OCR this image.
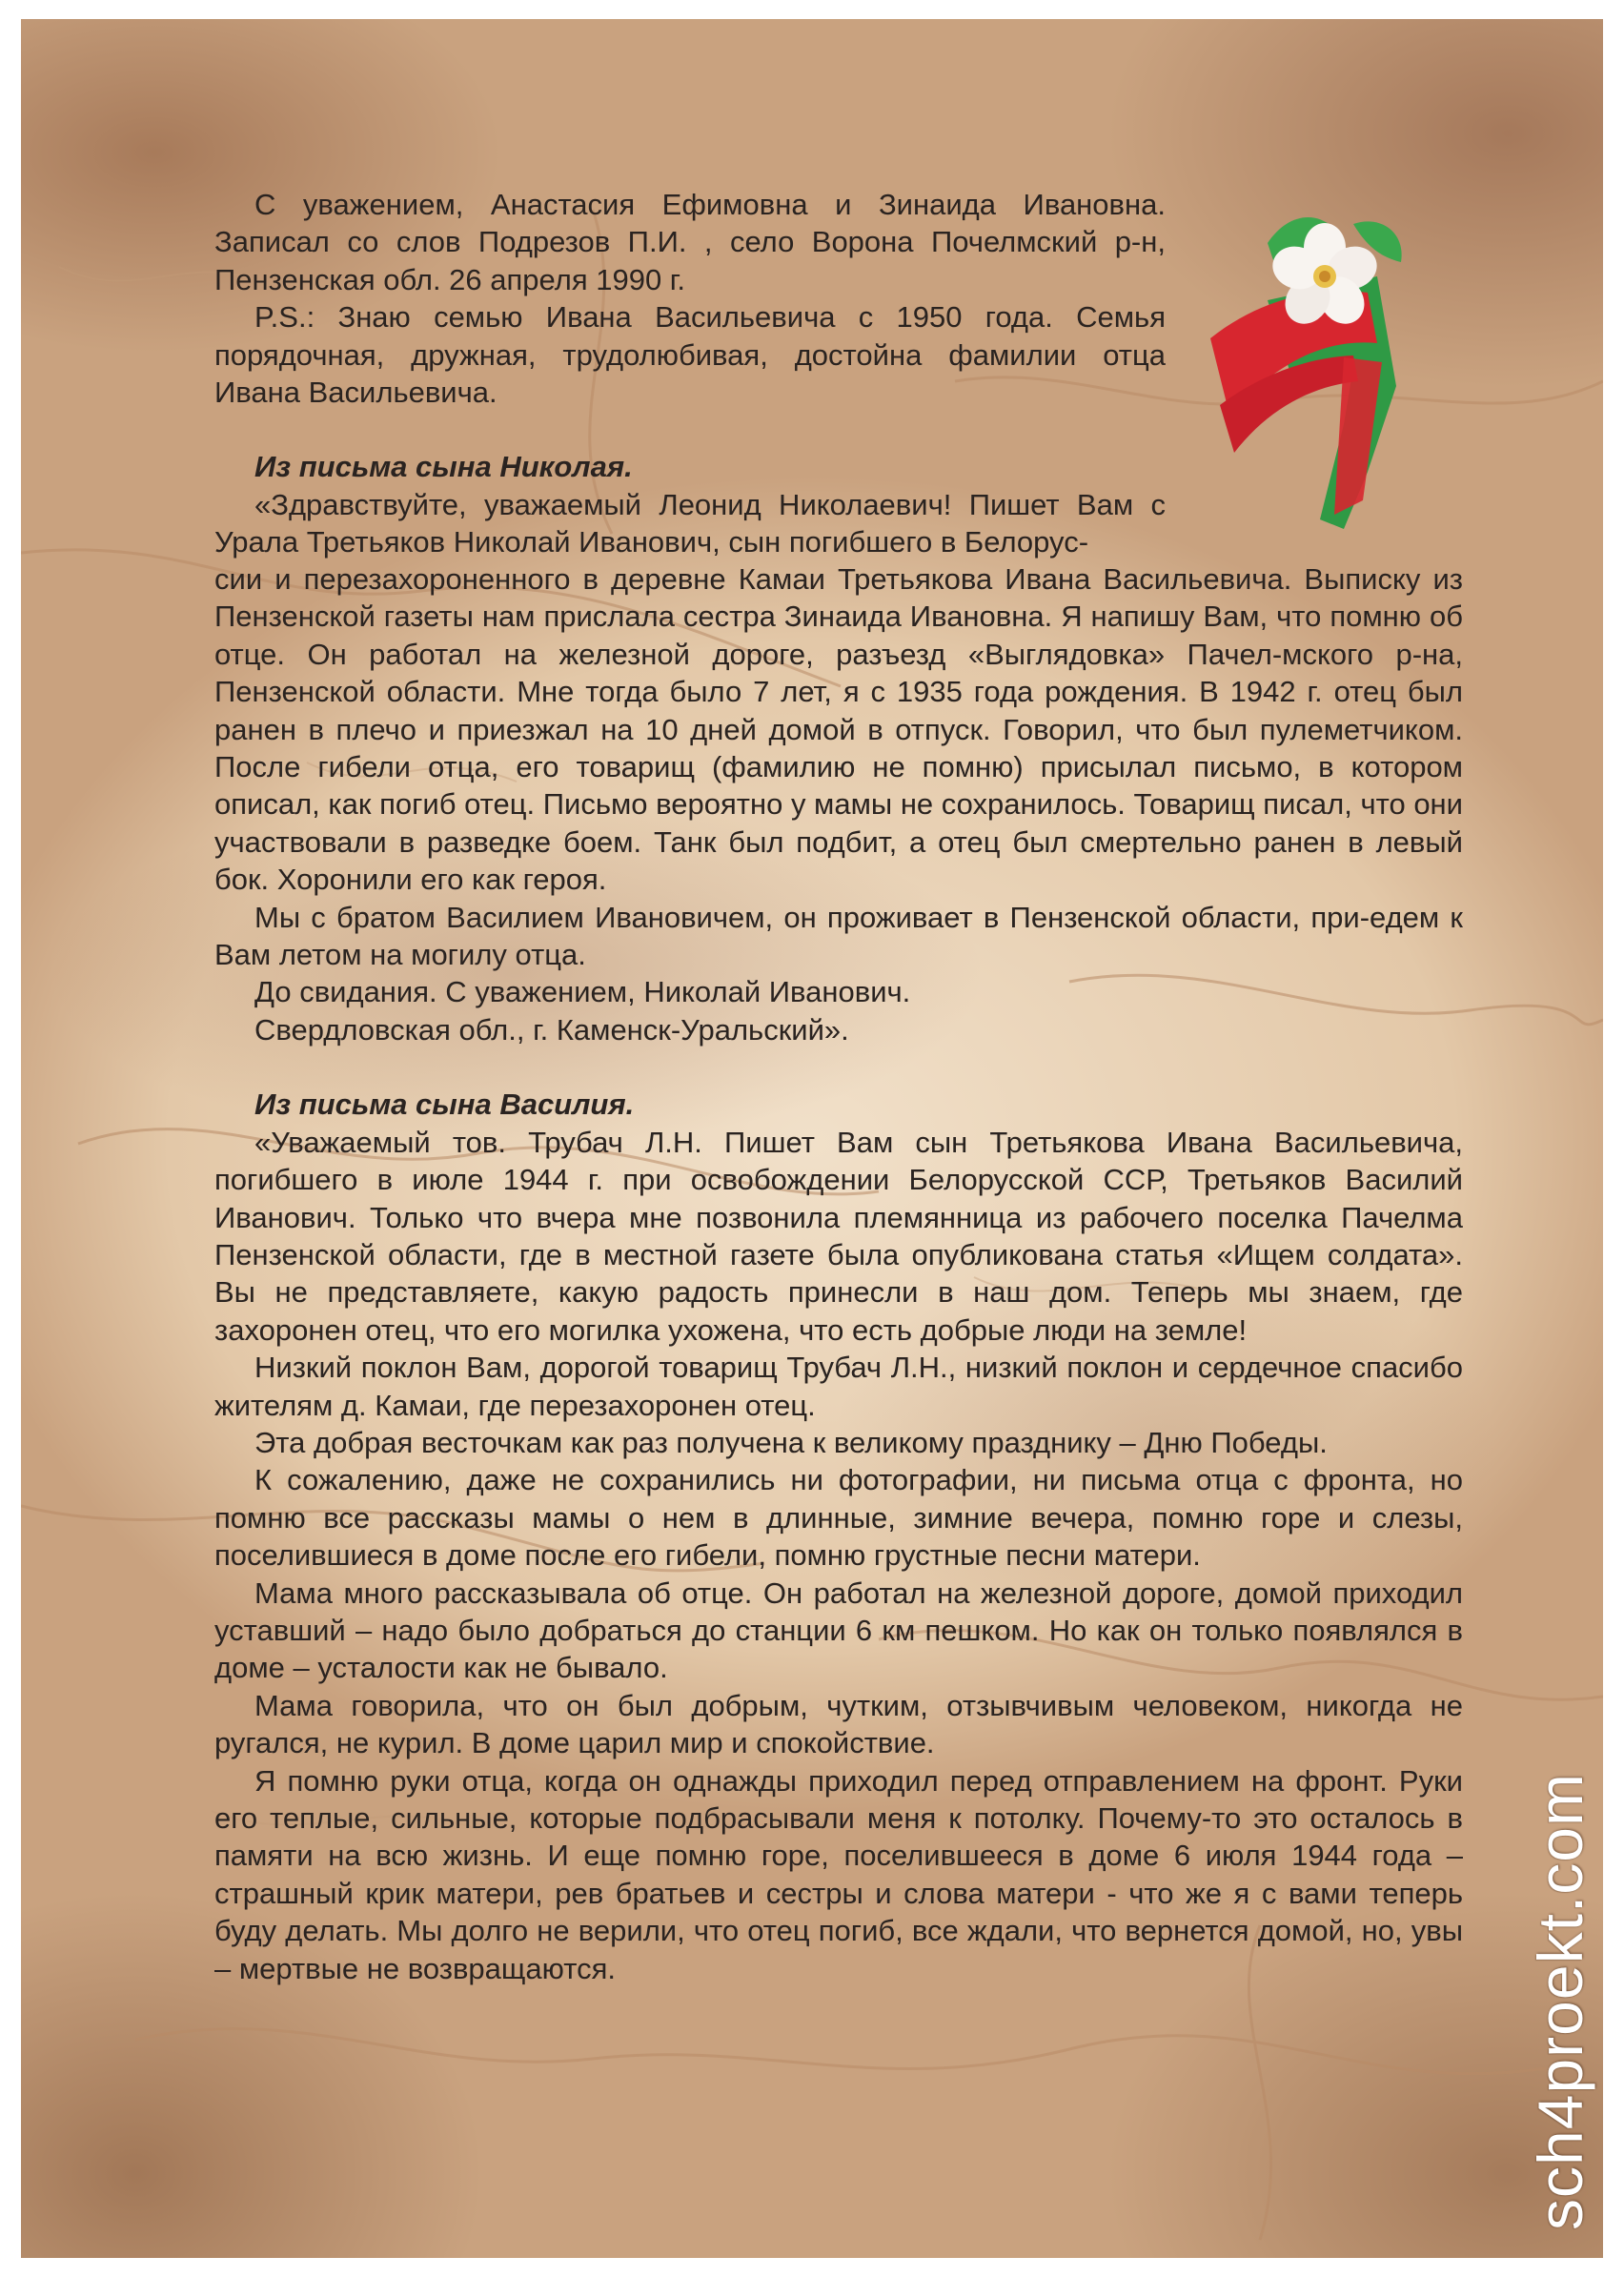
С уважением, Анастасия Ефимовна и Зинаида Ивановна. Записал со слов Подрезов П.И. , село Ворона Почелмский р-н, Пензенская обл. 26 апреля 1990 г.

P.S.: Знаю семью Ивана Васильевича с 1950 года. Семья порядочная, дружная, трудолюбивая, достойна фамилии отца Ивана Васильевича.

Из письма сына Николая.

«Здравствуйте, уважаемый Леонид Николаевич! Пишет Вам с Урала Третьяков Николай Иванович, сын погибшего в Белорус-

сии и перезахороненного в деревне Камаи Третьякова Ивана Васильевича. Выписку из Пензенской газеты нам прислала сестра Зинаида Ивановна. Я напишу Вам, что помню об отце. Он работал на железной дороге, разъезд «Выглядовка» Пачел-мского р-на, Пензенской области. Мне тогда было 7 лет, я с 1935 года рождения. В 1942 г. отец был ранен в плечо и приезжал на 10 дней домой в отпуск. Говорил, что был пулеметчиком. После гибели отца, его товарищ (фамилию не помню) присылал письмо, в котором описал, как погиб отец. Письмо вероятно у мамы не сохранилось. Товарищ писал, что они участвовали в разведке боем. Танк был подбит, а отец был смертельно ранен в левый бок. Хоронили его как героя.

Мы с братом Василием Ивановичем, он проживает в Пензенской области, при-едем к Вам летом на могилу отца.

До свидания. С уважением, Николай Иванович.

Свердловская обл., г. Каменск-Уральский».

Из письма сына Василия.

«Уважаемый тов. Трубач Л.Н. Пишет Вам сын Третьякова Ивана Васильевича, погибшего в июле 1944 г. при освобождении Белорусской ССР, Третьяков Василий Иванович. Только что вчера мне позвонила племянница из рабочего поселка Пачелма Пензенской области, где в местной газете была опубликована статья «Ищем солдата». Вы не представляете, какую радость принесли в наш дом. Теперь мы знаем, где захоронен отец, что его могилка ухожена, что есть добрые люди на земле!

Низкий поклон Вам, дорогой товарищ Трубач Л.Н., низкий поклон и сердечное спасибо жителям д. Камаи, где перезахоронен отец.

Эта добрая весточкам как раз получена к великому празднику – Дню Победы.

К сожалению, даже не сохранились ни фотографии, ни письма отца с фронта, но помню все рассказы мамы о нем в длинные, зимние вечера, помню горе и слезы, поселившиеся в доме после его гибели, помню грустные песни матери.

Мама много рассказывала об отце. Он работал на железной дороге, домой приходил уставший – надо было добраться до станции 6 км пешком. Но как он только появлялся в доме – усталости как не бывало.

Мама говорила, что он был добрым, чутким, отзывчивым человеком, никогда не ругался, не курил. В доме царил мир и спокойствие.

Я помню руки отца, когда он однажды приходил перед отправлением на фронт. Руки его теплые, сильные, которые подбрасывали меня к потолку. Почему-то это осталось в памяти на всю жизнь. И еще помню горе, поселившееся в доме 6 июля 1944 года – страшный крик матери, рев братьев и сестры и слова матери - что же я с вами теперь буду делать. Мы долго не верили, что отец погиб, все ждали, что вернется домой, но, увы – мертвые не возвращаются.	sch4proekt.com
